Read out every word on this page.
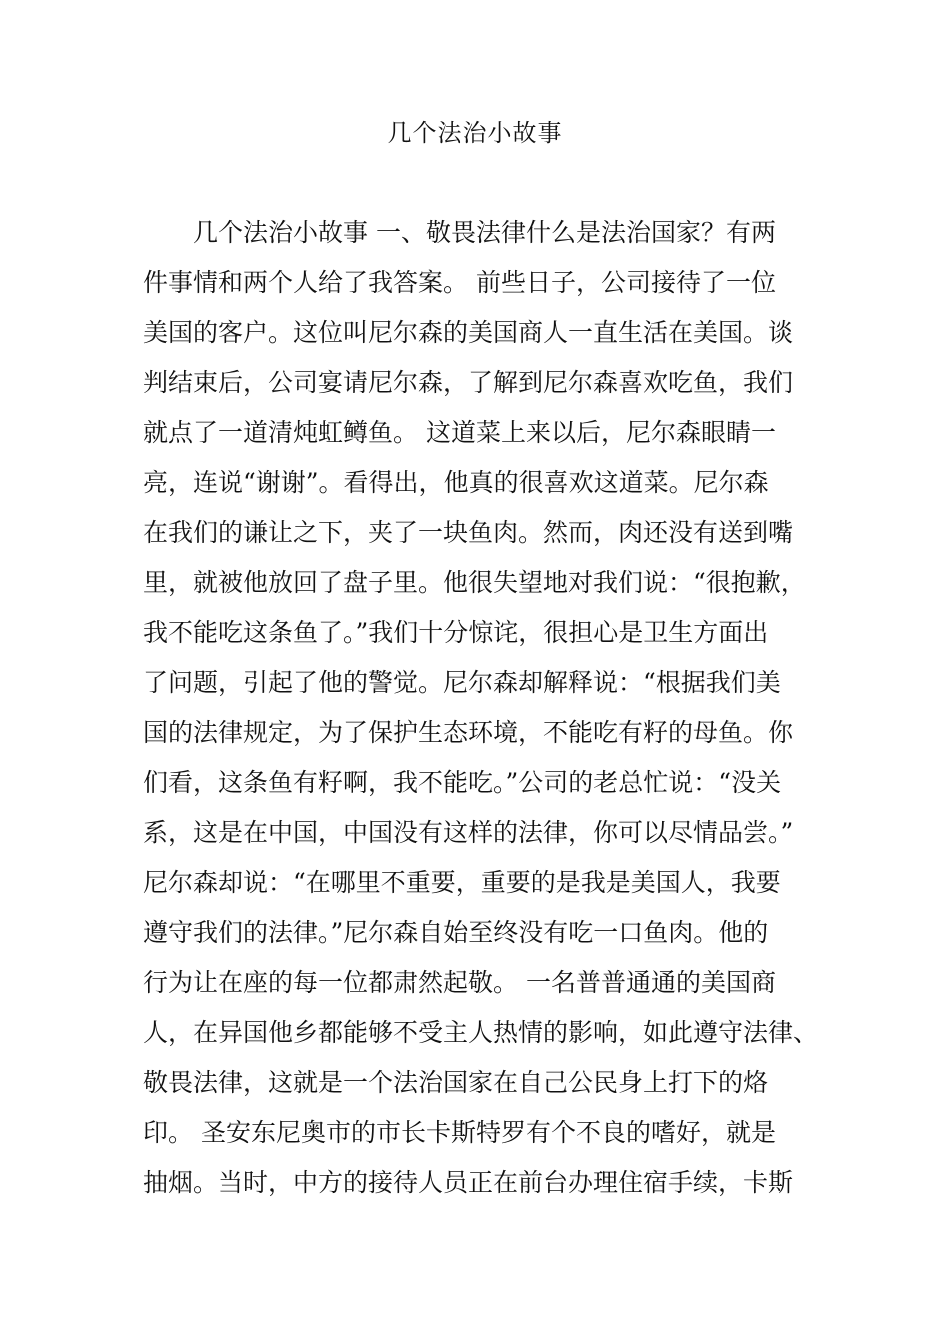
几个法治小故事
　　几个法治小故事 一、敬畏法律什么是法治国家？有两
件事情和两个人给了我答案。 前些日子，公司接待了一位
美国的客户。这位叫尼尔森的美国商人一直生活在美国。谈
判结束后，公司宴请尼尔森，了解到尼尔森喜欢吃鱼，我们
就点了一道清炖虹鳟鱼。 这道菜上来以后，尼尔森眼睛一
亮，连说“谢谢”。看得出，他真的很喜欢这道菜。尼尔森
在我们的谦让之下，夹了一块鱼肉。然而，肉还没有送到嘴
里，就被他放回了盘子里。他很失望地对我们说：“很抱歉，
我不能吃这条鱼了。”我们十分惊诧，很担心是卫生方面出
了问题，引起了他的警觉。尼尔森却解释说：“根据我们美
国的法律规定，为了保护生态环境，不能吃有籽的母鱼。你
们看，这条鱼有籽啊，我不能吃。”公司的老总忙说：“没关
系，这是在中国，中国没有这样的法律，你可以尽情品尝。”
尼尔森却说：“在哪里不重要，重要的是我是美国人，我要
遵守我们的法律。”尼尔森自始至终没有吃一口鱼肉。他的
行为让在座的每一位都肃然起敬。 一名普普通通的美国商
人，在异国他乡都能够不受主人热情的影响，如此遵守法律、
敬畏法律，这就是一个法治国家在自己公民身上打下的烙
印。 圣安东尼奥市的市长卡斯特罗有个不良的嗜好，就是
抽烟。当时，中方的接待人员正在前台办理住宿手续，卡斯
